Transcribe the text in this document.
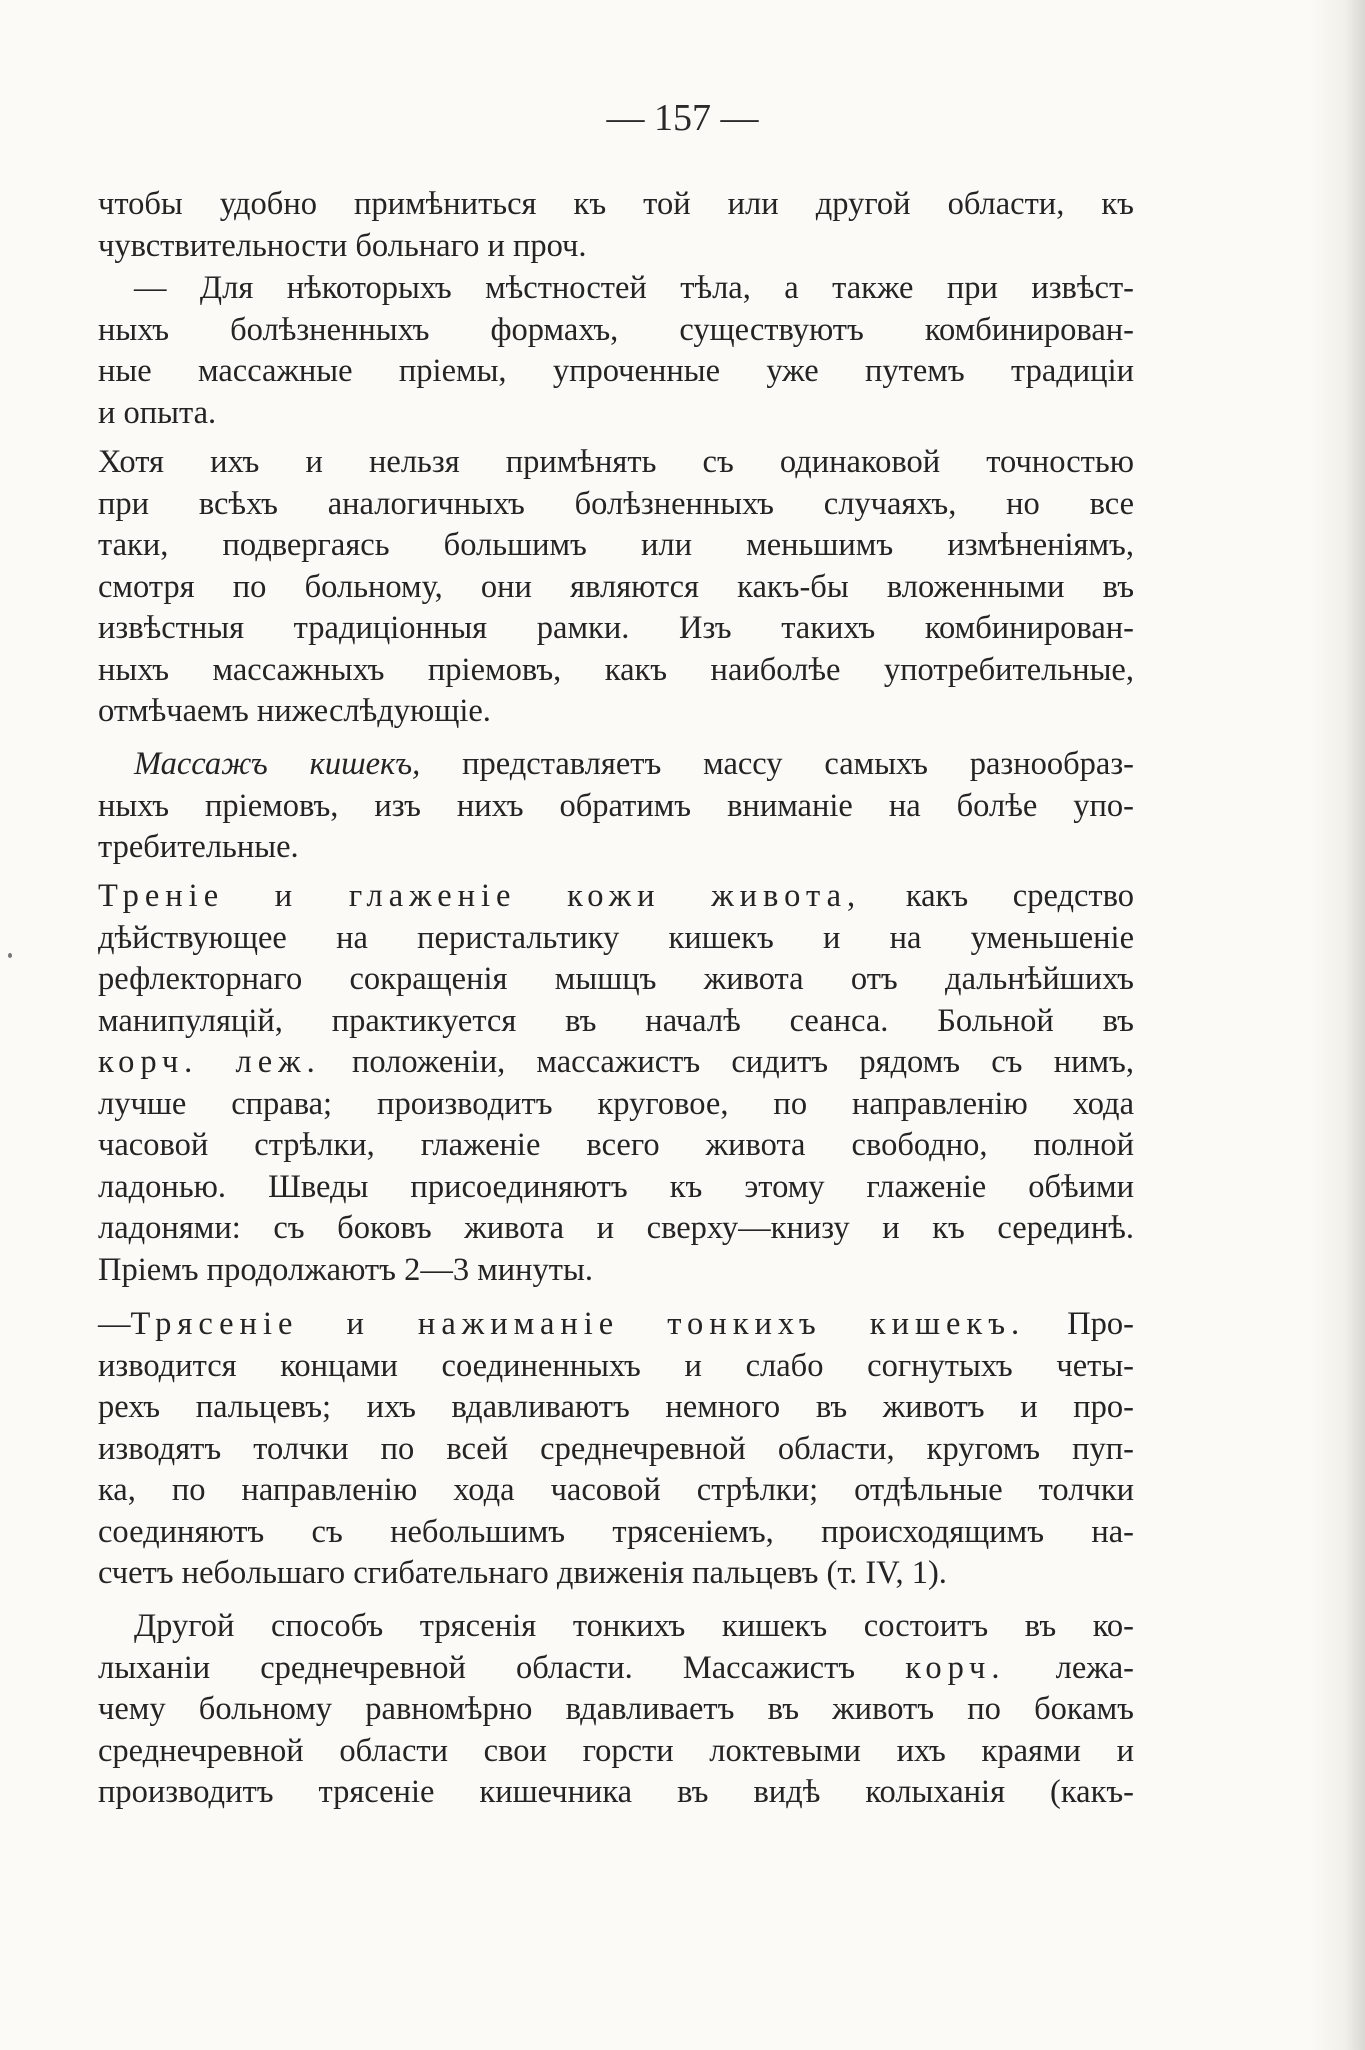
— 157 —
чтобы удобно примѣниться къ той или другой области, къ
чувствительности больнаго и проч.
— Для нѣкоторыхъ мѣстностей тѣла, а также при извѣст-
ныхъ болѣзненныхъ формахъ, существуютъ комбинирован-
ные массажные пріемы, упроченные уже путемъ традиціи
и опыта.
Хотя ихъ и нельзя примѣнять съ одинаковой точностью
при всѣхъ аналогичныхъ болѣзненныхъ случаяхъ, но все
таки, подвергаясь большимъ или меньшимъ измѣненіямъ,
смотря по больному, они являются какъ-бы вложенными въ
извѣстныя традиціонныя рамки. Изъ такихъ комбинирован-
ныхъ массажныхъ пріемовъ, какъ наиболѣе употребительные,
отмѣчаемъ нижеслѣдующіе.
Массажъ кишекъ, представляетъ массу самыхъ разнообраз-
ныхъ пріемовъ, изъ нихъ обратимъ вниманіе на болѣе упо-
требительные.
Треніе и глаженіе кожи живота, какъ средство
дѣйствующее на перистальтику кишекъ и на уменьшеніе
рефлекторнаго сокращенія мышцъ живота отъ дальнѣйшихъ
манипуляцій, практикуется въ началѣ сеанса. Больной въ
корч. леж. положеніи, массажистъ сидитъ рядомъ съ нимъ,
лучше справа; производитъ круговое, по направленію хода
часовой стрѣлки, глаженіе всего живота свободно, полной
ладонью. Шведы присоединяютъ къ этому глаженіе обѣими
ладонями: съ боковъ живота и сверху—книзу и къ серединѣ.
Пріемъ продолжаютъ 2—3 минуты.
—Трясеніе и нажиманіе тонкихъ кишекъ. Про-
изводится концами соединенныхъ и слабо согнутыхъ четы-
рехъ пальцевъ; ихъ вдавливаютъ немного въ животъ и про-
изводятъ толчки по всей среднечревной области, кругомъ пуп-
ка, по направленію хода часовой стрѣлки; отдѣльные толчки
соединяютъ съ небольшимъ трясеніемъ, происходящимъ на-
счетъ небольшаго сгибательнаго движенія пальцевъ (т. IV, 1).
Другой способъ трясенія тонкихъ кишекъ состоитъ въ ко-
лыханіи среднечревной области. Массажистъ корч. лежа-
чему больному равномѣрно вдавливаетъ въ животъ по бокамъ
среднечревной области свои горсти локтевыми ихъ краями и
производитъ трясеніе кишечника въ видѣ колыханія (какъ-
